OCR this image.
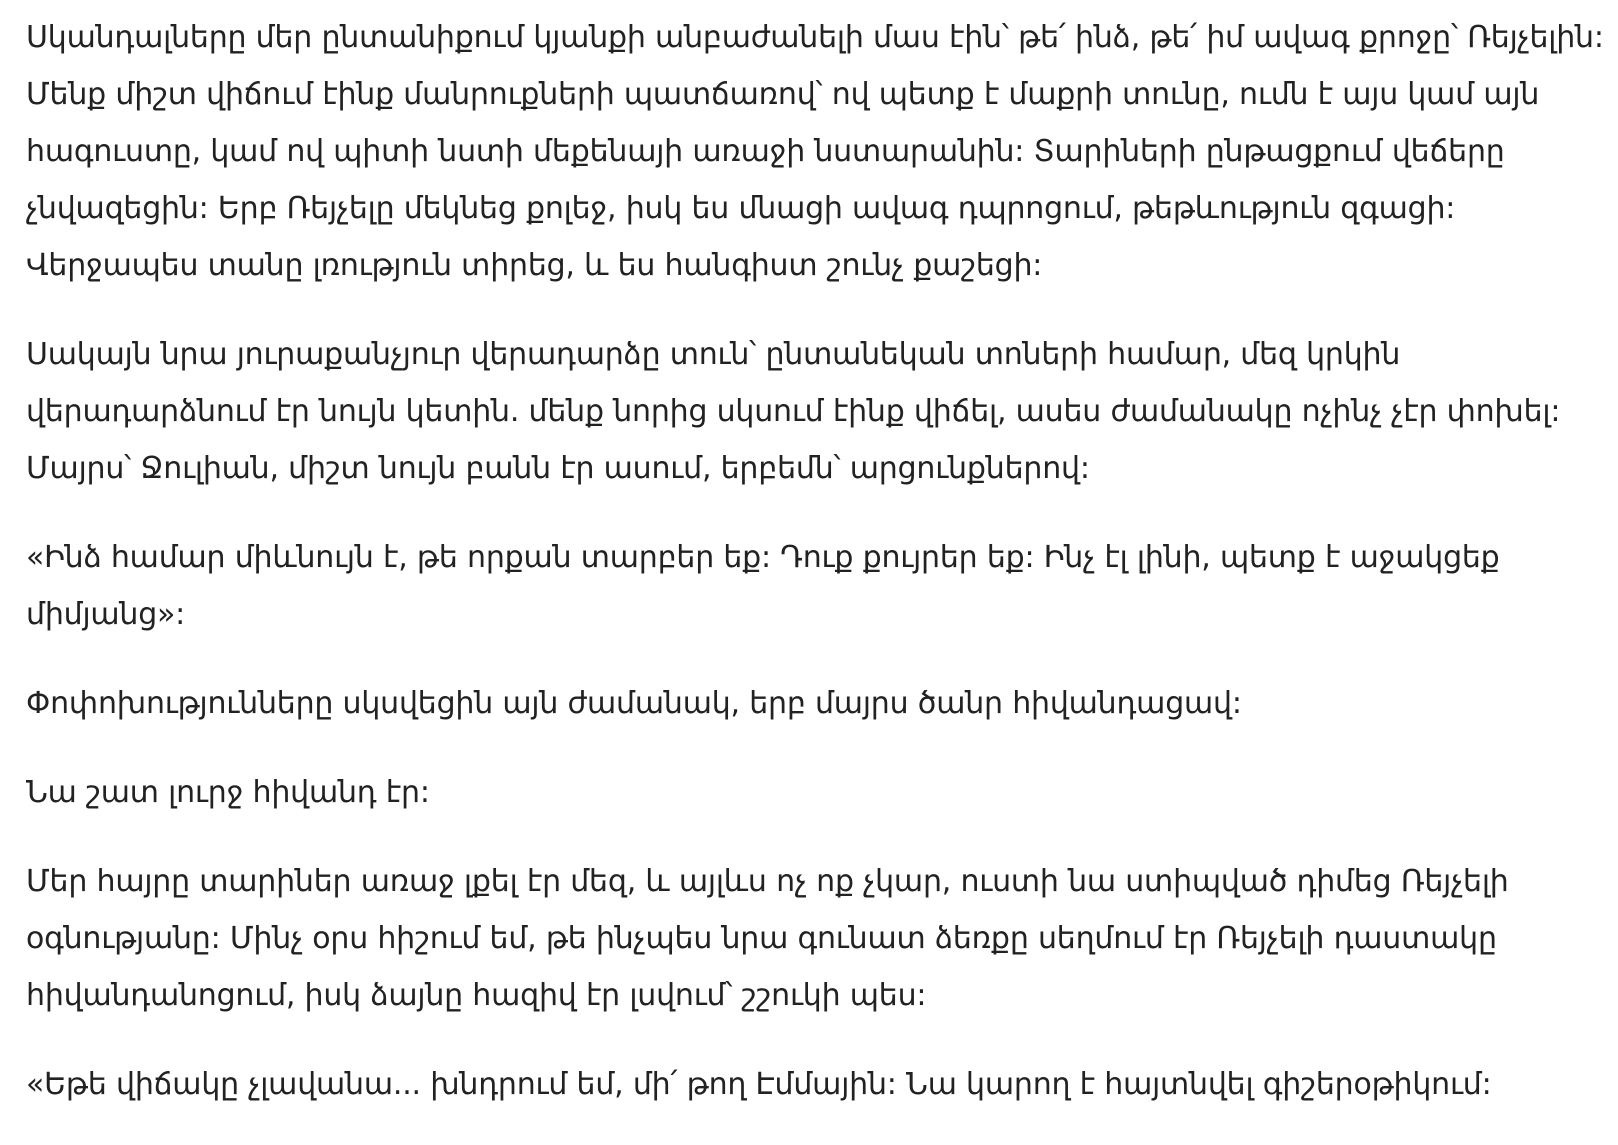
Սկանդալները մեր ընտանիքում կյանքի անբաժանելի մաս էին՝ թե՛ ինձ, թե՛ իմ ավագ քրոջը՝ Ռեյչելին:
Մենք միշտ վիճում էինք մանրուքների պատճառով՝ ով պետք է մաքրի տունը, ումն է այս կամ այն
հագուստը, կամ ով պիտի նստի մեքենայի առաջի նստարանին: Տարիների ընթացքում վեճերը
չնվազեցին: Երբ Ռեյչելը մեկնեց քոլեջ, իսկ ես մնացի ավագ դպրոցում, թեթևություն զգացի:
Վերջապես տանը լռություն տիրեց, և ես հանգիստ շունչ քաշեցի:

Սակայն նրա յուրաքանչյուր վերադարձը տուն՝ ընտանեկան տոների համար, մեզ կրկին
վերադարձնում էր նույն կետին. մենք նորից սկսում էինք վիճել, ասես ժամանակը ոչինչ չէր փոխել:
Մայրս՝ Ջուլիան, միշտ նույն բանն էր ասում, երբեմն՝ արցունքներով:

«Ինձ համար միևնույն է, թե որքան տարբեր եք: Դուք քույրեր եք: Ինչ էլ լինի, պետք է աջակցեք
միմյանց»:

Փոփոխությունները սկսվեցին այն ժամանակ, երբ մայրս ծանր հիվանդացավ:

Նա շատ լուրջ հիվանդ էր:

Մեր հայրը տարիներ առաջ լքել էր մեզ, և այլևս ոչ ոք չկար, ուստի նա ստիպված դիմեց Ռեյչելի
օգնությանը: Մինչ օրս հիշում եմ, թե ինչպես նրա գունատ ձեռքը սեղմում էր Ռեյչելի դաստակը
հիվանդանոցում, իսկ ձայնը հազիվ էր լսվում՝ շշուկի պես:

«Եթե վիճակը չլավանա... խնդրում եմ, մի՛ թող Էմմային: Նա կարող է հայտնվել գիշերօթիկում:
